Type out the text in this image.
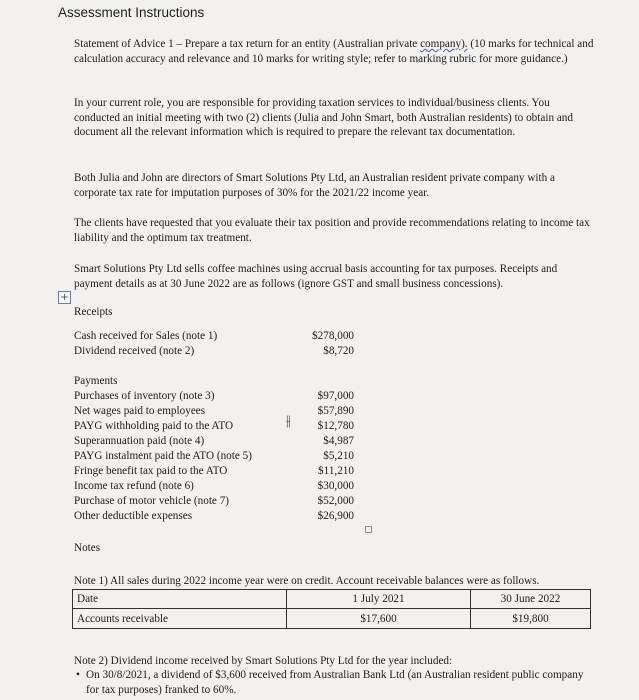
Assessment Instructions

Statement of Advice 1 – Prepare a tax return for an entity (Australian private company). (10 marks for technical and calculation accuracy and relevance and 10 marks for writing style; refer to marking rubric for more guidance.)

In your current role, you are responsible for providing taxation services to individual/business clients. You conducted an initial meeting with two (2) clients (Julia and John Smart, both Australian residents) to obtain and document all the relevant information which is required to prepare the relevant tax documentation.

Both Julia and John are directors of Smart Solutions Pty Ltd, an Australian resident private company with a corporate tax rate for imputation purposes of 30% for the 2021/22 income year.

The clients have requested that you evaluate their tax position and provide recommendations relating to income tax liability and the optimum tax treatment.

Smart Solutions Pty Ltd sells coffee machines using accrual basis accounting for tax purposes. Receipts and payment details as at 30 June 2022 are as follows (ignore GST and small business concessions).

+
Receipts
Cash received for Sales (note 1)	$278,000
Dividend received (note 2)	$8,720
Payments
Purchases of inventory (note 3)	$97,000
Net wages paid to employees	$57,890
PAYG withholding paid to the ATO	$12,780
Superannuation paid (note 4)	$4,987
PAYG instalment paid the ATO (note 5)	$5,210
Fringe benefit tax paid to the ATO	$11,210
Income tax refund (note 6)	$30,000
Purchase of motor vehicle (note 7)	$52,000
Other deductible expenses	$26,900
⫲
Notes
Note 1) All sales during 2022 income year were on credit. Account receivable balances were as follows.
Date	1 July 2021	30 June 2022
Accounts receivable	$17,600	$19,800
Note 2) Dividend income received by Smart Solutions Pty Ltd for the year included:
• On 30/8/2021, a dividend of $3,600 received from Australian Bank Ltd (an Australian resident public company for tax purposes) franked to 60%.
